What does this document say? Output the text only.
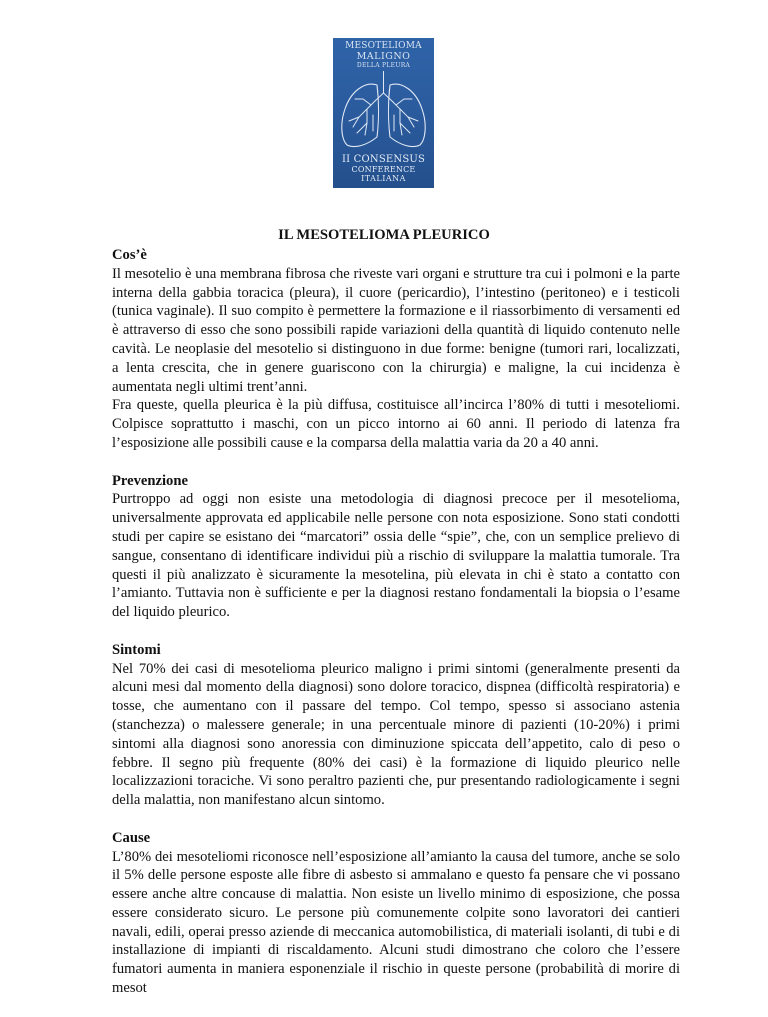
MESOTELIOMA
MALIGNO
DELLA PLEURA
II CONSENSUS
CONFERENCE
ITALIANA
IL MESOTELIOMA PLEURICO
Cos’è

Il mesotelio è una membrana fibrosa che riveste vari organi e strutture tra cui i polmoni e la parte interna della gabbia toracica (pleura), il cuore (pericardio), l’intestino (peritoneo) e i testicoli (tunica vaginale). Il suo compito è permettere la formazione e il riassorbimento di versamenti ed è attraverso di esso che sono possibili rapide variazioni della quantità di liquido contenuto nelle cavità. Le neoplasie del mesotelio si distinguono in due forme: benigne (tumori rari, localizzati, a lenta crescita, che in genere guariscono con la chirurgia) e maligne, la cui incidenza è aumentata negli ultimi trent’anni.

Fra queste, quella pleurica è la più diffusa, costituisce all’incirca l’80% di tutti i mesoteliomi. Colpisce soprattutto i maschi, con un picco intorno ai 60 anni. Il periodo di latenza fra l’esposizione alle possibili cause e la comparsa della malattia varia da 20 a 40 anni.

Prevenzione

Purtroppo ad oggi non esiste una metodologia di diagnosi precoce per il mesotelioma, universalmente approvata ed applicabile nelle persone con nota esposizione. Sono stati condotti studi per capire se esistano dei “marcatori” ossia delle “spie”, che, con un semplice prelievo di sangue, consentano di identificare individui più a rischio di sviluppare la malattia tumorale. Tra questi il più analizzato è sicuramente la mesotelina, più elevata in chi è stato a contatto con l’amianto. Tuttavia non è sufficiente e per la diagnosi restano fondamentali la biopsia o l’esame del liquido pleurico.

Sintomi

Nel 70% dei casi di mesotelioma pleurico maligno i primi sintomi (generalmente presenti da alcuni mesi dal momento della diagnosi) sono dolore toracico, dispnea (difficoltà respiratoria) e tosse, che aumentano con il passare del tempo. Col tempo, spesso si associano astenia (stanchezza) o malessere generale; in una percentuale minore di pazienti (10-20%) i primi sintomi alla diagnosi sono anoressia con diminuzione spiccata dell’appetito, calo di peso o febbre. Il segno più frequente (80% dei casi) è la formazione di liquido pleurico nelle localizzazioni toraciche. Vi sono peraltro pazienti che, pur presentando radiologicamente i segni della malattia, non manifestano alcun sintomo.

Cause

L’80% dei mesoteliomi riconosce nell’esposizione all’amianto la causa del tumore, anche se solo il 5% delle persone esposte alle fibre di asbesto si ammalano e questo fa pensare che vi possano essere anche altre concause di malattia. Non esiste un livello minimo di esposizione, che possa essere considerato sicuro. Le persone più comunemente colpite sono lavoratori dei cantieri navali, edili, operai presso aziende di meccanica automobilistica, di materiali isolanti, di tubi e di installazione di impianti di riscaldamento. Alcuni studi dimostrano che coloro che l’essere fumatori aumenta in maniera esponenziale il rischio in queste persone (probabilità di morire di mesot
